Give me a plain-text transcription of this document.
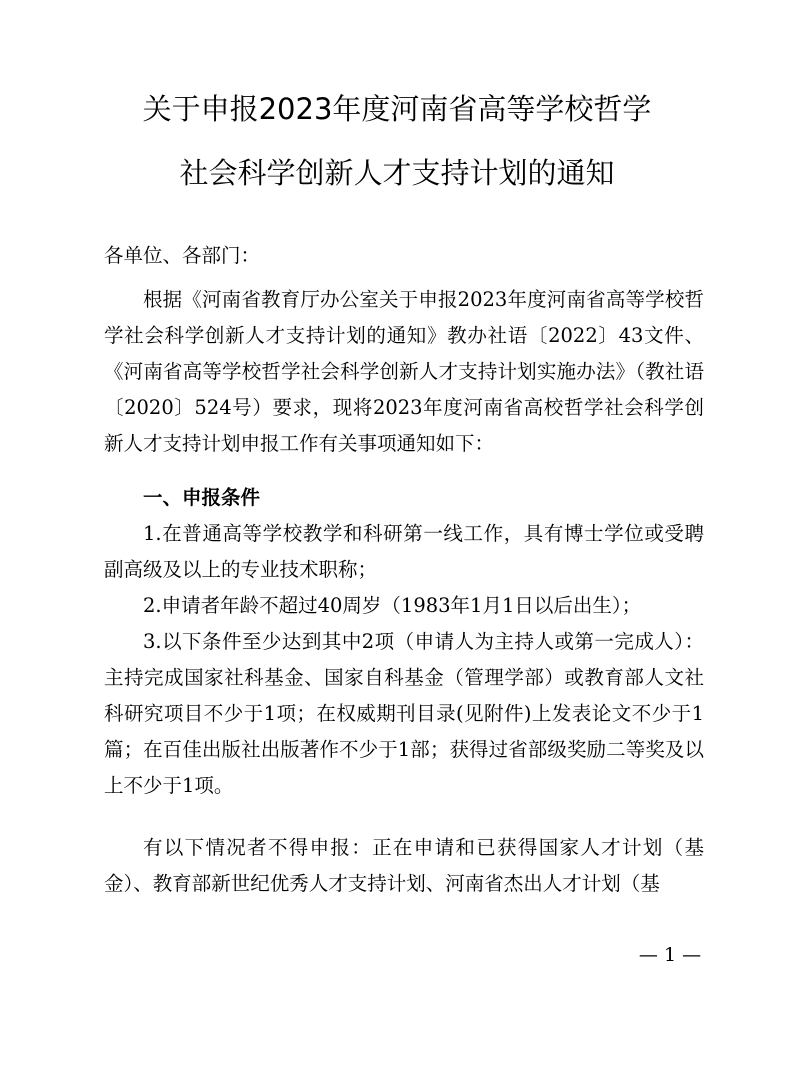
关于申报2023年度河南省高等学校哲学
社会科学创新人才支持计划的通知
各单位、各部门：
根据《河南省教育厅办公室关于申报2023年度河南省高等学校哲学社会科学创新人才支持计划的通知》教办社语〔2022〕43文件、《河南省高等学校哲学社会科学创新人才支持计划实施办法》（教社语〔2020〕524号）要求，现将2023年度河南省高校哲学社会科学创新人才支持计划申报工作有关事项通知如下：
一、申报条件
1.在普通高等学校教学和科研第一线工作，具有博士学位或受聘副高级及以上的专业技术职称；
2.申请者年龄不超过40周岁（1983年1月1日以后出生）；
3.以下条件至少达到其中2项（申请人为主持人或第一完成人）：主持完成国家社科基金、国家自科基金（管理学部）或教育部人文社科研究项目不少于1项；在权威期刊目录(见附件)上发表论文不少于1篇；在百佳出版社出版著作不少于1部；获得过省部级奖励二等奖及以上不少于1项。
有以下情况者不得申报：正在申请和已获得国家人才计划（基金）、教育部新世纪优秀人才支持计划、河南省杰出人才计划（基
— 1 —
